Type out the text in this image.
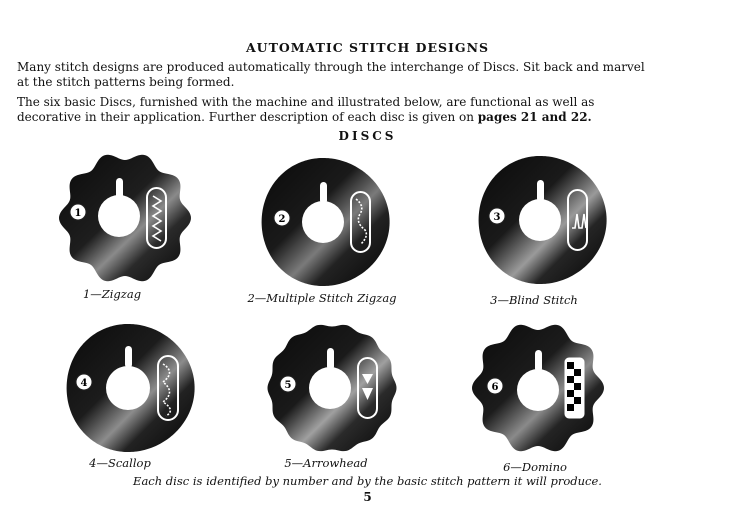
AUTOMATIC STITCH DESIGNS

Many stitch designs are produced automatically through the interchange of Discs. Sit back and marvel at the stitch patterns being formed.

The six basic Discs, furnished with the machine and illustrated below, are functional as well as decorative in their application. Further description of each disc is given on pages 21 and 22.

DISCS
1
1—Zigzag
2
2—Multiple Stitch Zigzag
3
3—Blind Stitch
4
4—Scallop
5
5—Arrowhead
6
6—Domino
Each disc is identified by number and by the basic stitch pattern it will produce.
5
